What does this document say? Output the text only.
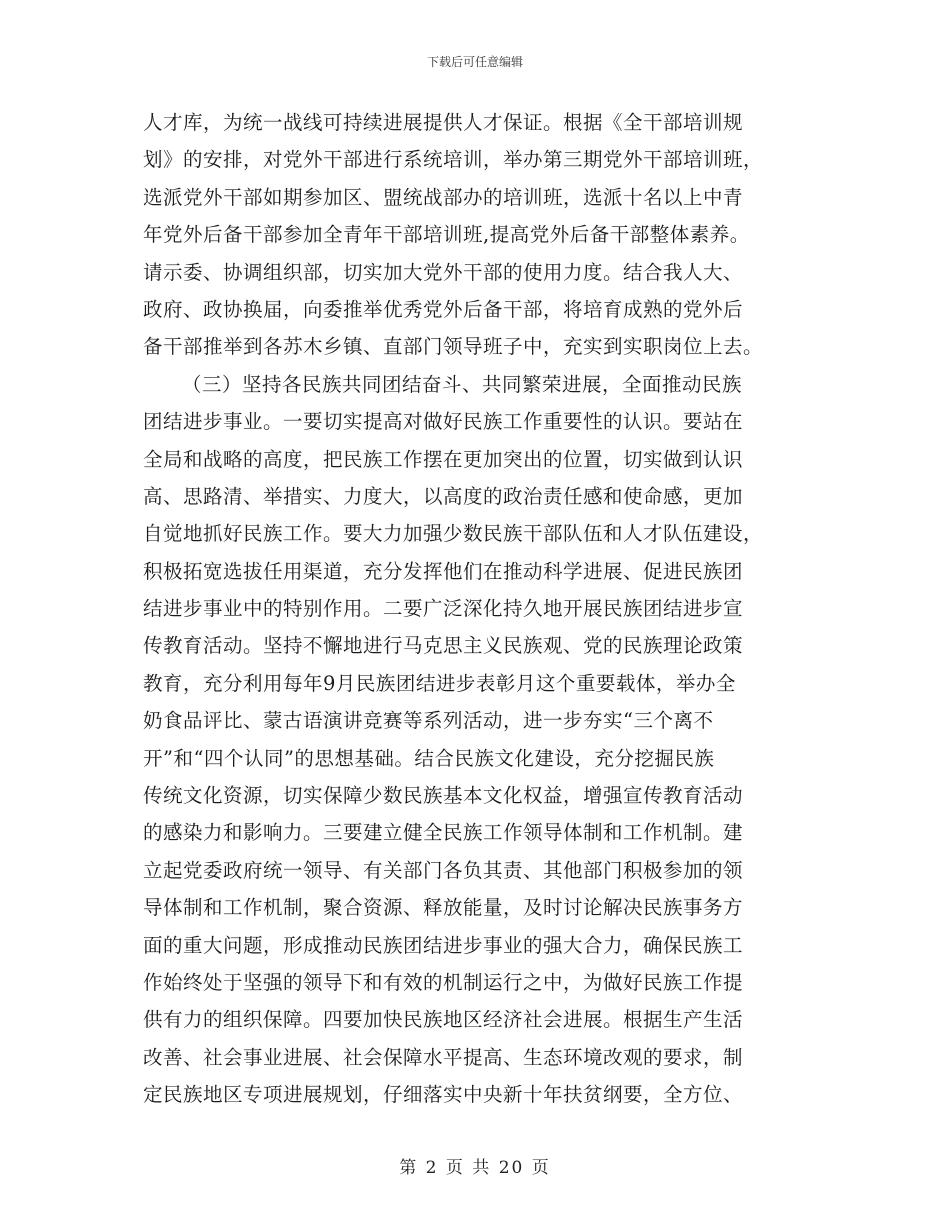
下载后可任意编辑
人才库，为统一战线可持续进展提供人才保证。根据《全干部培训规
划》的安排，对党外干部进行系统培训，举办第三期党外干部培训班，
选派党外干部如期参加区、盟统战部办的培训班，选派十名以上中青
年党外后备干部参加全青年干部培训班,提高党外后备干部整体素养。
请示委、协调组织部，切实加大党外干部的使用力度。结合我人大、
政府、政协换届，向委推举优秀党外后备干部，将培育成熟的党外后
备干部推举到各苏木乡镇、直部门领导班子中，充实到实职岗位上去。
（三）坚持各民族共同团结奋斗、共同繁荣进展，全面推动民族
团结进步事业。一要切实提高对做好民族工作重要性的认识。要站在
全局和战略的高度，把民族工作摆在更加突出的位置，切实做到认识
高、思路清、举措实、力度大，以高度的政治责任感和使命感，更加
自觉地抓好民族工作。要大力加强少数民族干部队伍和人才队伍建设，
积极拓宽选拔任用渠道，充分发挥他们在推动科学进展、促进民族团
结进步事业中的特别作用。二要广泛深化持久地开展民族团结进步宣
传教育活动。坚持不懈地进行马克思主义民族观、党的民族理论政策
教育，充分利用每年9月民族团结进步表彰月这个重要载体，举办全
奶食品评比、蒙古语演讲竞赛等系列活动，进一步夯实“三个离不
开”和“四个认同”的思想基础。结合民族文化建设，充分挖掘民族
传统文化资源，切实保障少数民族基本文化权益，增强宣传教育活动
的感染力和影响力。三要建立健全民族工作领导体制和工作机制。建
立起党委政府统一领导、有关部门各负其责、其他部门积极参加的领
导体制和工作机制，聚合资源、释放能量，及时讨论解决民族事务方
面的重大问题，形成推动民族团结进步事业的强大合力，确保民族工
作始终处于坚强的领导下和有效的机制运行之中，为做好民族工作提
供有力的组织保障。四要加快民族地区经济社会进展。根据生产生活
改善、社会事业进展、社会保障水平提高、生态环境改观的要求，制
定民族地区专项进展规划，仔细落实中央新十年扶贫纲要，全方位、
第 2 页 共 20 页
